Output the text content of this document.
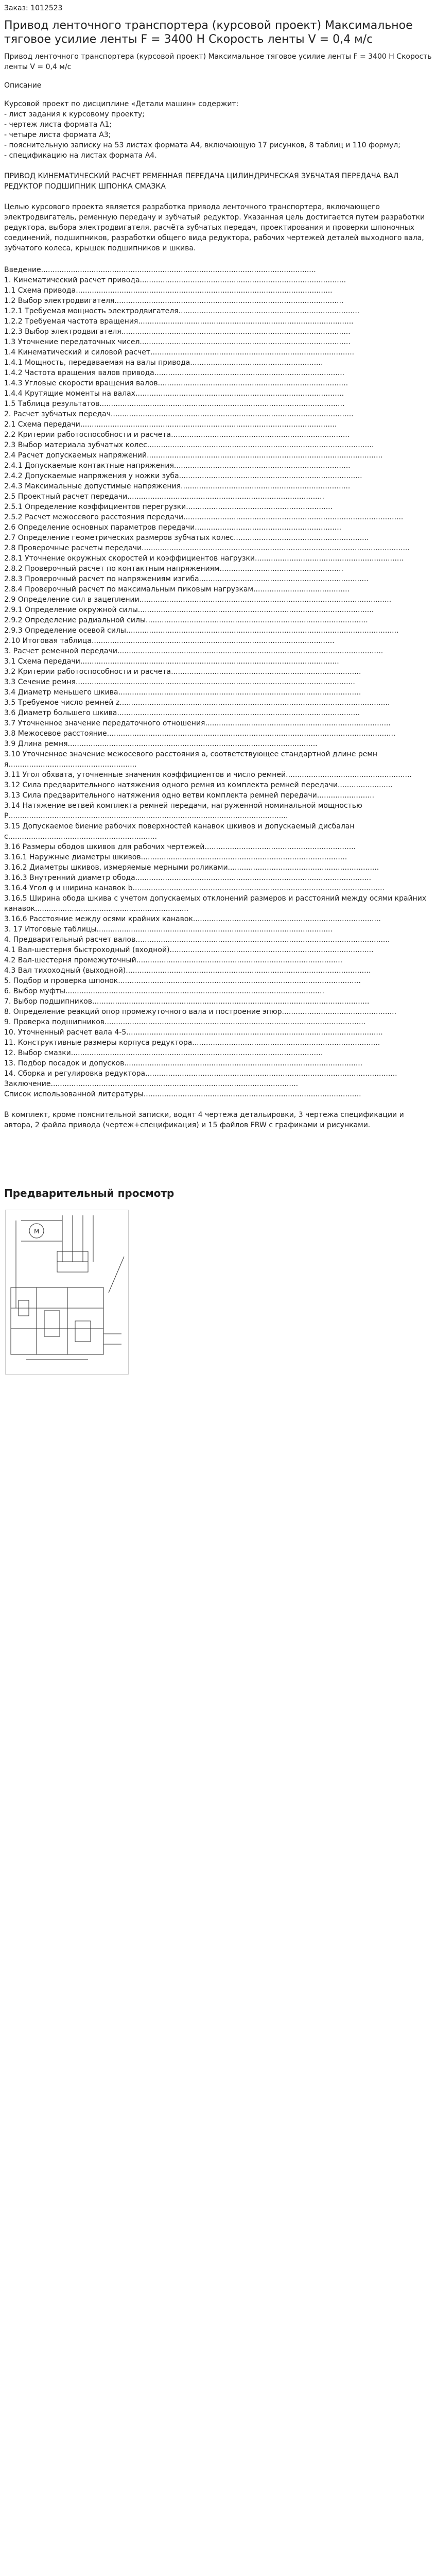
Заказ: 1012523
Привод ленточного транспортера (курсовой проект) Максимальное тяговое усилие ленты F = 3400 Н Скорость ленты V = 0,4 м/с
Привод ленточного транспортера (курсовой проект) Максимальное тяговое усилие ленты F = 3400 Н Скорость ленты V = 0,4 м/с
Описание

Курсовой проект по дисциплине «Детали машин» содержит:

- лист задания к курсовому проекту;

- чертеж листа формата А1;

- четыре листа формата А3;

- пояснительную записку на 53 листах формата А4, включающую 17 рисунков, 8 таблиц и 110 формул;

- спецификацию на листах формата А4.

ПРИВОД КИНЕМАТИЧЕСКИЙ РАСЧЕТ РЕМЕННАЯ ПЕРЕДАЧА ЦИЛИНДРИЧЕСКАЯ ЗУБЧАТАЯ ПЕРЕДАЧА ВАЛ РЕДУКТОР ПОДШИПНИК ШПОНКА СМАЗКА
Целью курсового проекта является разработка привода ленточного транспортера, включающего электродвигатель, ременную передачу и зубчатый редуктор. Указанная цель достигается путем разработки редуктора, выбора электродвигателя, расчёта зубчатых передач, проектирования и проверки шпоночных соединений, подшипников, разработки общего вида редуктора, рабочих чертежей деталей выходного вала, зубчатого колеса, крышек подшипников и шкива.
Введение........................................................................................................................
1. Кинематический расчет привода..........................................................................................
1.1 Схема привода................................................................................................................
1.2 Выбор электродвигателя....................................................................................................
1.2.1 Требуемая мощность электродвигателя...............................................................................
1.2.2 Требуемая частота вращения..............................................................................................
1.2.3 Выбор электродвигателя....................................................................................................
1.3 Уточнение передаточных чисел............................................................................................
1.4 Кинематический и силовой расчет.........................................................................................
1.4.1 Мощность, передаваемая на валы привода..........................................................
1.4.2 Частота вращения валов привода...................................................................................
1.4.3 Угловые скорости вращения валов...................................................................................
1.4.4 Крутящие моменты на валах...........................................................................................
1.5 Таблица результатов...........................................................................................................
2. Расчет зубчатых передач..........................................................................................................
2.1 Схема передачи................................................................................................................
2.2 Критерии работоспособности и расчета..............................................................................
2.3 Выбор материала зубчатых колес...................................................................................................
2.4 Расчет допускаемых напряжений.......................................................................................................
2.4.1 Допускаемые контактные напряжения.............................................................................
2.4.2 Допускаемые напряжения у ножки зуба................................................................................
2.4.3 Максимальные допустимые напряжения..........................................................................
2.5 Проектный расчет передачи......................................................................................
2.5.1 Определение коэффициентов перегрузки................................................................
2.5.2 Расчет межосевого расстояния передачи................................................................................................
2.6 Определение основных параметров передачи................................................................
2.7 Определение геометрических размеров зубчатых колес...........................................................
2.8 Проверочные расчеты передачи.....................................................................................................................
2.8.1 Уточнение окружных скоростей и коэффициентов нагрузки.................................................................
2.8.2 Проверочный расчет по контактным напряжениям......................................................
2.8.3 Проверочный расчет по напряжениям изгиба..........................................................................
2.8.4 Проверочный расчет по максимальным пиковым нагрузкам..........................................
2.9 Определение сил в зацеплении..............................................................................................................
2.9.1 Определение окружной силы.......................................................................................................
2.9.2 Определение радиальной силы.................................................................................................
2.9.3 Определение осевой силы.......................................................................................................................
2.10 Итоговая таблица..........................................................................................................
3. Расчет ременной передачи....................................................................................................................
3.1 Схема передачи.................................................................................................................
3.2 Критерии работоспособности и расчета...................................................................................
3.3 Сечение ремня..........................................................................................................................
3.4 Диаметр меньшего шкива..........................................................................................................
3.5 Требуемое число ремней z......................................................................................................................
3.6 Диаметр большего шкива..........................................................................................................
3.7 Уточненное значение передаточного отношения.................................................................................
3.8 Межосевое расстояние..............................................................................................................................
3.9 Длина ремня.............................................................................................................
3.10 Уточненное значение межосевого расстояния а, соответствующее стандартной длине ремня........................................................
3.11 Угол обхвата, уточненные значения коэффициентов и число ремней.......................................................
3.12 Сила предварительного натяжения одного ремня из комплекта ремней передачи........................
3.13 Сила предварительного натяжения одно ветви комплекта ремней передачи.........................
3.14 Натяжение ветвей комплекта ремней передачи, нагруженной номинальной мощностью Р..........................................................................................................................
3.15 Допускаемое биение рабочих поверхностей канавок шкивов и допускаемый дисбаланс.................................................................
3.16 Размеры ободов шкивов для рабочих чертежей..................................................................
3.16.1 Наружные диаметры шкивов..........................................................................................
3.16.2 Диаметры шкивов, измеряемые мерными роликами..................................................................
3.16.3 Внутренний диаметр обода.......................................................................................................
3.16.4 Угол φ и ширина канавок b..............................................................................................................
3.16.5 Ширина обода шкива с учетом допускаемых отклонений размеров и расстояний между осями крайних канавок...................................................................
3.16.6 Расстояние между осями крайних канавок..................................................................................
3. 17 Итоговые таблицы.......................................................................................................
4. Предварительный расчет валов...............................................................................................................
4.1 Вал-шестерня быстроходный (входной).........................................................................................
4.2 Вал-шестерня промежуточный..........................................................................................
4.3 Вал тихоходный (выходной)...........................................................................................................
5. Подбор и проверка шпонок..........................................................................................................
6. Выбор муфты.................................................................................................................
7. Выбор подшипников.........................................................................................................................
8. Определение реакций опор промежуточного вала и построение эпюр..................................................
9. Проверка подшипников..................................................................................................................
10. Уточненный расчет вала 4-5................................................................................................................
11. Конструктивные размеры корпуса редуктора..................................................................................
12. Выбор смазки..............................................................................................................
13. Подбор посадок и допусков........................................................................................................
14. Сборка и регулировка редуктора..............................................................................................................
Заключение............................................................................................................
Список использованной литературы...............................................................................................
В комплект, кроме пояснительной записки, водят 4 чертежа детальировки, 3 чертежа спецификации и автора, 2 файла привода (чертеж+спецификация) и 15 файлов FRW с графиками и рисунками.
Предварительный просмотр
М
